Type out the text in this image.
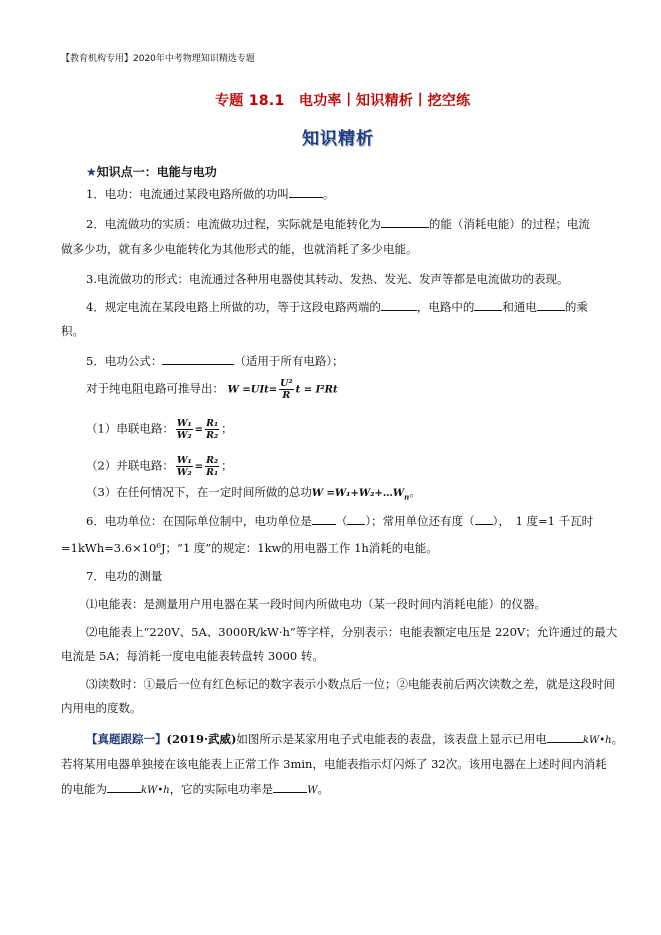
【教育机构专用】2020年中考物理知识精选专题
专题 18.1　电功率丨知识精析丨挖空练
知识精析
★知识点一：电能与电功
1．电功：电流通过某段电路所做的功叫	。
2．电流做功的实质：电流做功过程，实际就是电能转化为	的能（消耗电能）的过程；电流
做多少功，就有多少电能转化为其他形式的能，也就消耗了多少电能。
3.电流做功的形式：电流通过各种用电器使其转动、发热、发光、发声等都是电流做功的表现。
4．规定电流在某段电路上所做的功，等于这段电路两端的	，电路中的 和通电 的乘
积。
5．电功公式：	（适用于所有电路）；
对于纯电阻电路可推导出： $W =UIt= \frac{\text{U²}}{R}$ t = I²Rt
（1）串联电路： $\frac{\text{W₁}}{\text{W₂}} = \frac{\text{R₁}}{\text{R₂}}$ ；
（2）并联电路： $\frac{\text{W₁}}{\text{W₂}} = \frac{\text{R₂}}{\text{R₁}}$ ；
（3）在任何情况下，在一定时间所做的总功$W =W_1+W_2+\dots W_n$。
6．电功单位：在国际单位制中，电功单位是 （ ）；常用单位还有度（ ），　1 度=1 千瓦时
=1kWh=3.6×10⁶J；“1 度”的规定：1kw的用电器工作 1h消耗的电能。
7．电功的测量
⑴电能表：是测量用户用电器在某一段时间内所做电功（某一段时间内消耗电能）的仪器。
⑵电能表上“220V、5A、3000R/kW·h”等字样，分别表示：电能表额定电压是 220V；允许通过的最大
电流是 5A；每消耗一度电电能表转盘转 3000 转。
⑶读数时：①最后一位有红色标记的数字表示小数点后一位；②电能表前后两次读数之差，就是这段时间
内用电的度数。
【真题跟踪一】(2019·武威)如图所示是某家用电子式电能表的表盘，该表盘上显示已用电	kW•h。
若将某用电器单独接在该电能表上正常工作 3min，电能表指示灯闪烁了 32次。该用电器在上述时间内消耗
的电能为	kW•h，它的实际电功率是	W。
